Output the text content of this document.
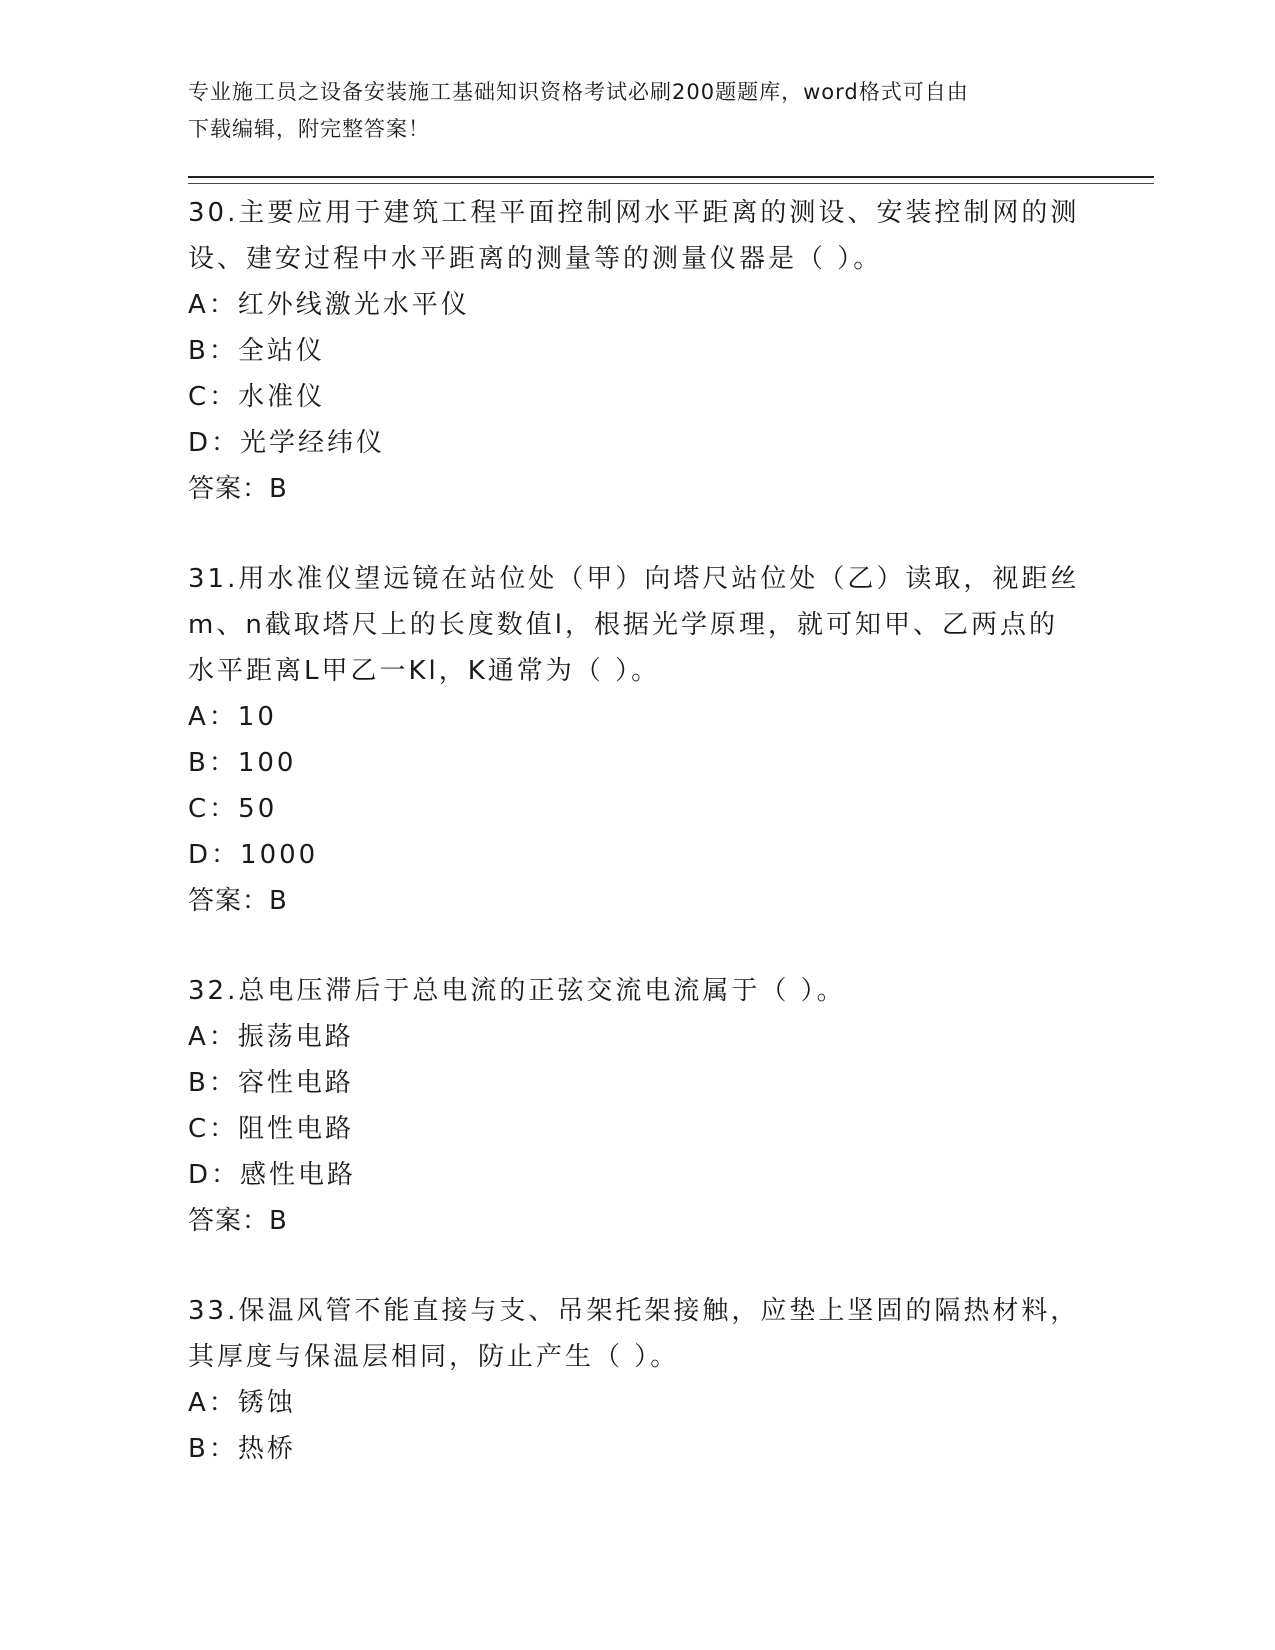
专业施工员之设备安装施工基础知识资格考试必刷200题题库，word格式可自由
下载编辑，附完整答案！
30.主要应用于建筑工程平面控制网水平距离的测设、安装控制网的测
设、建安过程中水平距离的测量等的测量仪器是（ ）。
A：红外线激光水平仪
B：全站仪
C：水准仪
D：光学经纬仪
答案：B
31.用水准仪望远镜在站位处（甲）向塔尺站位处（乙）读取，视距丝
m、n截取塔尺上的长度数值l，根据光学原理，就可知甲、乙两点的
水平距离L甲乙一Kl，K通常为（ ）。
A：10
B：100
C：50
D：1000
答案：B
32.总电压滞后于总电流的正弦交流电流属于（ ）。
A：振荡电路
B：容性电路
C：阻性电路
D：感性电路
答案：B
33.保温风管不能直接与支、吊架托架接触，应垫上坚固的隔热材料，
其厚度与保温层相同，防止产生（ ）。
A：锈蚀
B：热桥
